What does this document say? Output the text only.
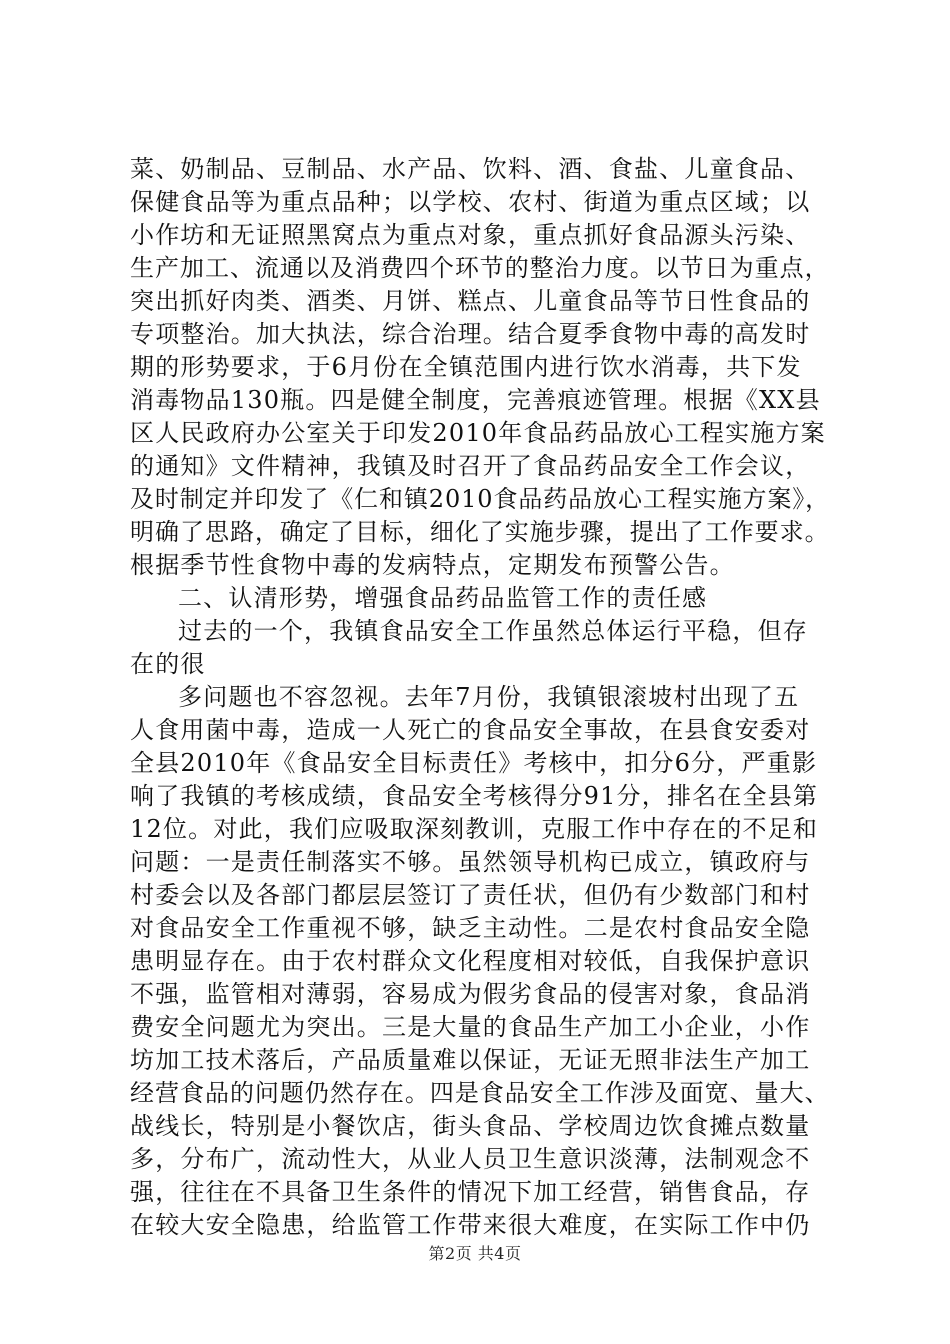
菜、奶制品、豆制品、水产品、饮料、酒、食盐、儿童食品、
保健食品等为重点品种；以学校、农村、街道为重点区域；以
小作坊和无证照黑窝点为重点对象，重点抓好食品源头污染、
生产加工、流通以及消费四个环节的整治力度。以节日为重点，
突出抓好肉类、酒类、月饼、糕点、儿童食品等节日性食品的
专项整治。加大执法，综合治理。结合夏季食物中毒的高发时
期的形势要求，于6月份在全镇范围内进行饮水消毒，共下发
消毒物品130瓶。四是健全制度，完善痕迹管理。根据《XX县
区人民政府办公室关于印发2010年食品药品放心工程实施方案
的通知》文件精神，我镇及时召开了食品药品安全工作会议，
及时制定并印发了《仁和镇2010食品药品放心工程实施方案》，
明确了思路，确定了目标，细化了实施步骤，提出了工作要求。
根据季节性食物中毒的发病特点，定期发布预警公告。
二、认清形势，增强食品药品监管工作的责任感
过去的一个，我镇食品安全工作虽然总体运行平稳，但存
在的很
多问题也不容忽视。去年7月份，我镇银滚坡村出现了五
人食用菌中毒，造成一人死亡的食品安全事故，在县食安委对
全县2010年《食品安全目标责任》考核中，扣分6分，严重影
响了我镇的考核成绩，食品安全考核得分91分，排名在全县第
12位。对此，我们应吸取深刻教训，克服工作中存在的不足和
问题：一是责任制落实不够。虽然领导机构已成立，镇政府与
村委会以及各部门都层层签订了责任状，但仍有少数部门和村
对食品安全工作重视不够，缺乏主动性。二是农村食品安全隐
患明显存在。由于农村群众文化程度相对较低，自我保护意识
不强，监管相对薄弱，容易成为假劣食品的侵害对象，食品消
费安全问题尤为突出。三是大量的食品生产加工小企业，小作
坊加工技术落后，产品质量难以保证，无证无照非法生产加工
经营食品的问题仍然存在。四是食品安全工作涉及面宽、量大、
战线长，特别是小餐饮店，街头食品、学校周边饮食摊点数量
多，分布广，流动性大，从业人员卫生意识淡薄，法制观念不
强，往往在不具备卫生条件的情况下加工经营，销售食品，存
在较大安全隐患，给监管工作带来很大难度，在实际工作中仍
第2页 共4页
